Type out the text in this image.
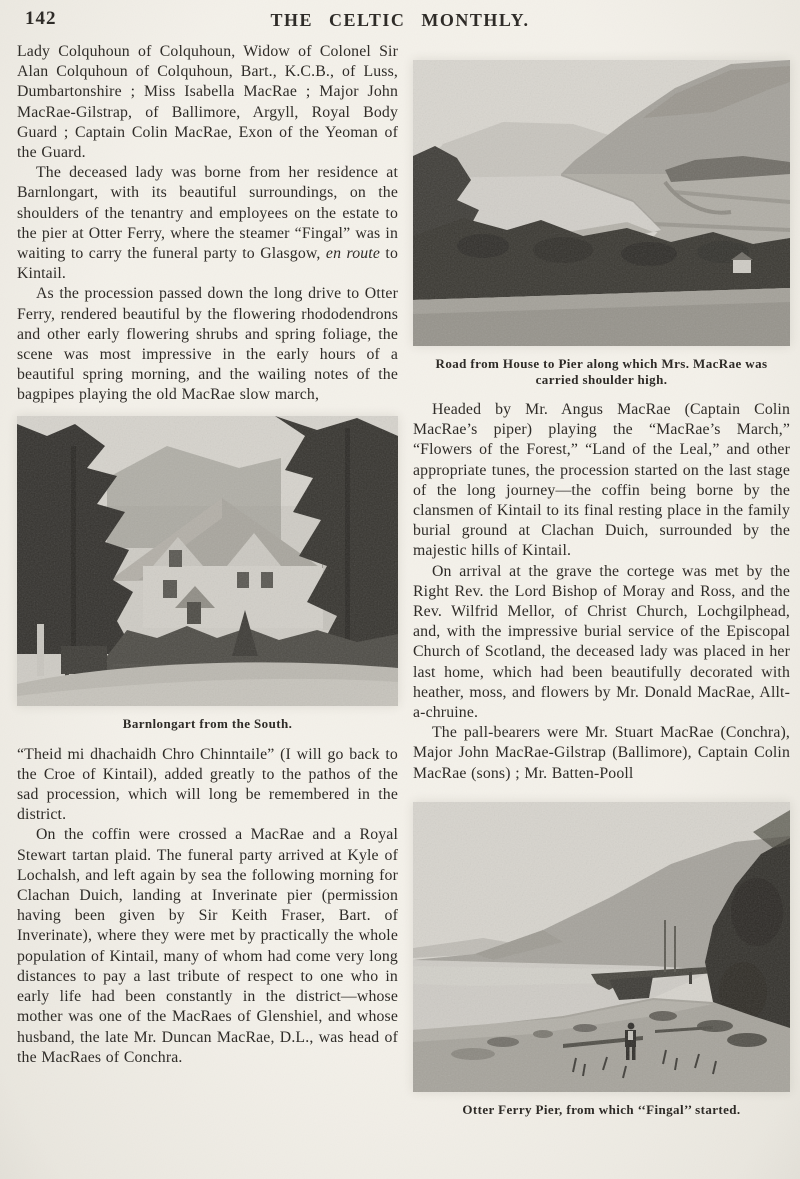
142	THE CELTIC MONTHLY.

Lady Colquhoun of Colquhoun, Widow of Colonel Sir Alan Colquhoun of Colquhoun, Bart., K.C.B., of Luss, Dumbartonshire ; Miss Isabella MacRae ; Major John MacRae-Gilstrap, of Ballimore, Argyll, Royal Body Guard ; Captain Colin MacRae, Exon of the Yeoman of the Guard.

The deceased lady was borne from her residence at Barnlongart, with its beautiful surroundings, on the shoulders of the tenantry and employees on the estate to the pier at Otter Ferry, where the steamer “Fingal” was in waiting to carry the funeral party to Glasgow, en route to Kintail.

As the procession passed down the long drive to Otter Ferry, rendered beautiful by the flowering rhododendrons and other early flowering shrubs and spring foliage, the scene was most impressive in the early hours of a beautiful spring morning, and the wailing notes of the bagpipes playing the old MacRae slow march,

Barnlongart from the South.

“Theid mi dhachaidh Chro Chinntaile” (I will go back to the Croe of Kintail), added greatly to the pathos of the sad procession, which will long be remembered in the district.

On the coffin were crossed a MacRae and a Royal Stewart tartan plaid. The funeral party arrived at Kyle of Lochalsh, and left again by sea the following morning for Clachan Duich, landing at Inverinate pier (permission having been given by Sir Keith Fraser, Bart. of Inverinate), where they were met by practically the whole population of Kintail, many of whom had come very long distances to pay a last tribute of respect to one who in early life had been constantly in the district—whose mother was one of the MacRaes of Glenshiel, and whose husband, the late Mr. Duncan MacRae, D.L., was head of the MacRaes of Conchra.

Road from House to Pier along which Mrs. MacRae was carried shoulder high.

Headed by Mr. Angus MacRae (Captain Colin MacRae’s piper) playing the “MacRae’s March,” “Flowers of the Forest,” “Land of the Leal,” and other appropriate tunes, the procession started on the last stage of the long journey—the coffin being borne by the clansmen of Kintail to its final resting place in the family burial ground at Clachan Duich, surrounded by the majestic hills of Kintail.

On arrival at the grave the cortege was met by the Right Rev. the Lord Bishop of Moray and Ross, and the Rev. Wilfrid Mellor, of Christ Church, Lochgilphead, and, with the impressive burial service of the Episcopal Church of Scotland, the deceased lady was placed in her last home, which had been beautifully decorated with heather, moss, and flowers by Mr. Donald MacRae, Allt-a-chruine.

The pall-bearers were Mr. Stuart MacRae (Conchra), Major John MacRae-Gilstrap (Ballimore), Captain Colin MacRae (sons) ; Mr. Batten-Pooll

Otter Ferry Pier, from which ‘‘Fingal’’ started.
